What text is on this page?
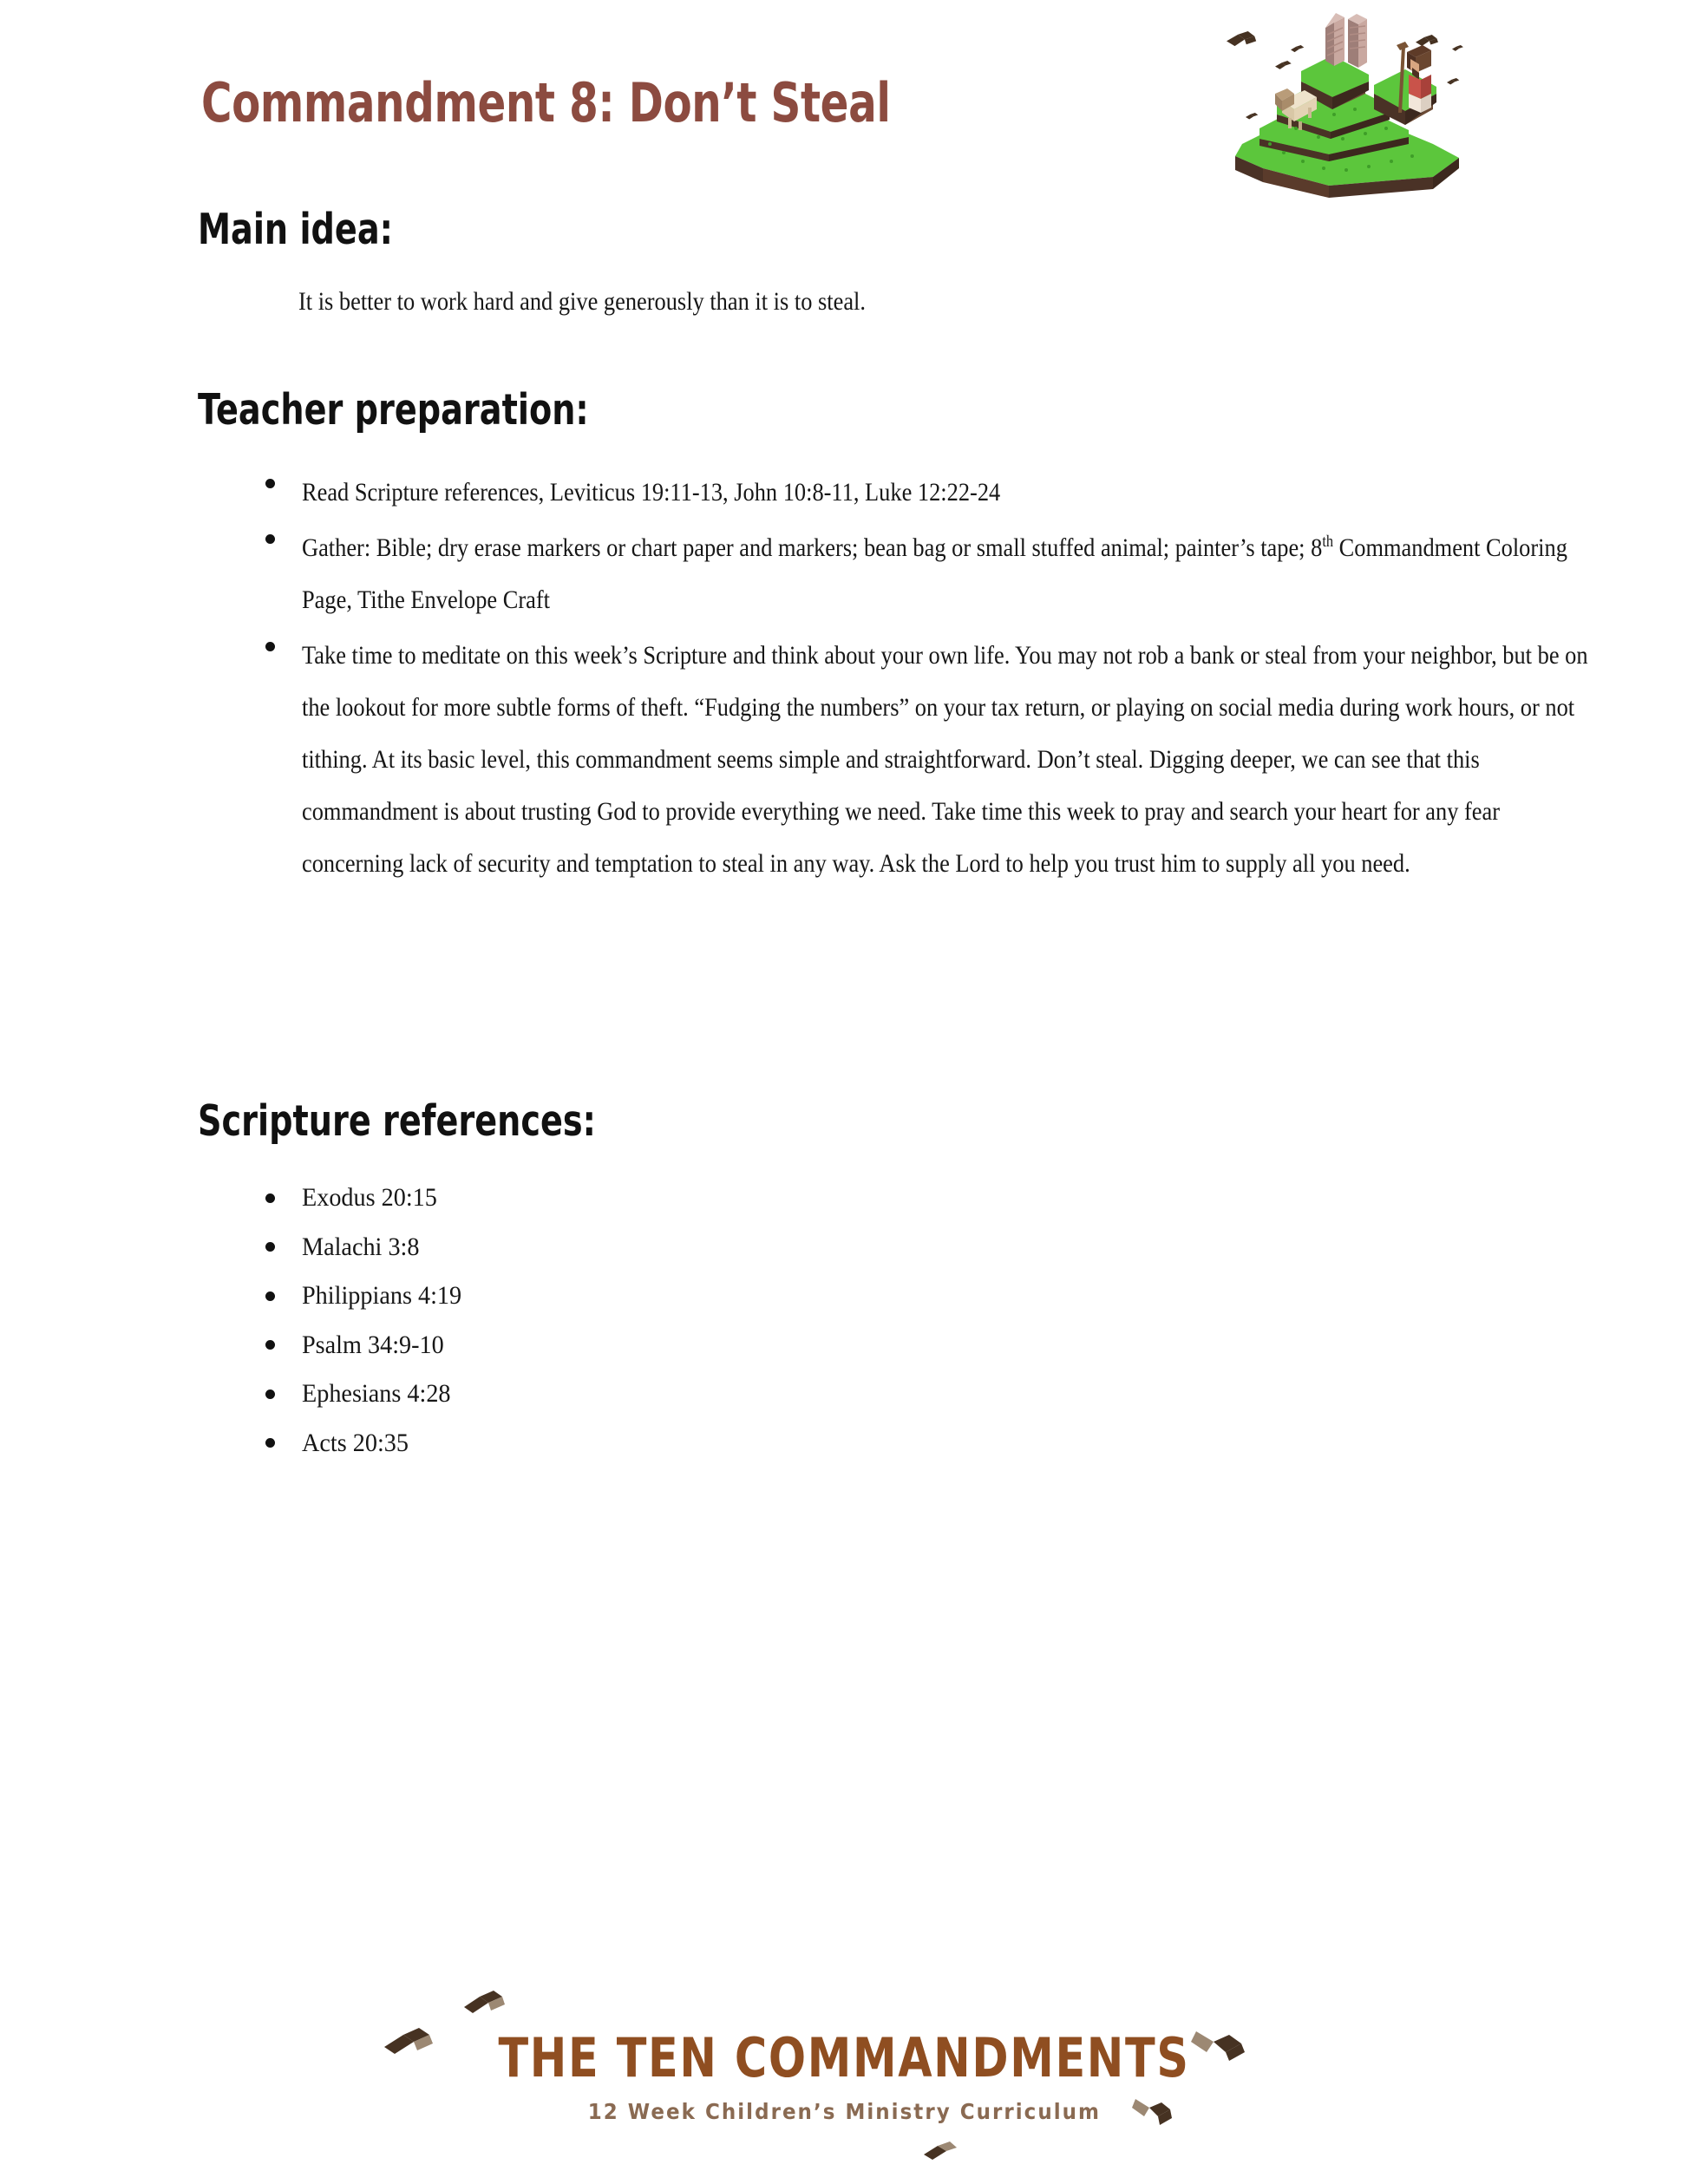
Commandment 8: Don’t Steal
Main idea:
It is better to work hard and give generously than it is to steal.
Teacher preparation:
Read Scripture references, Leviticus 19:11-13, John 10:8-11, Luke 12:22-24
Gather: Bible; dry erase markers or chart paper and markers; bean bag or small stuffed animal; painter’s tape; 8th Commandment Coloring Page, Tithe Envelope Craft
Take time to meditate on this week’s Scripture and think about your own life. You may not rob a bank or steal from your neighbor, but be on the lookout for more subtle forms of theft. “Fudging the numbers” on your tax return, or playing on social media during work hours, or not tithing. At its basic level, this commandment seems simple and straightforward. Don’t steal. Digging deeper, we can see that this commandment is about trusting God to provide everything we need. Take time this week to pray and search your heart for any fear concerning lack of security and temptation to steal in any way. Ask the Lord to help you trust him to supply all you need.
Scripture references:
Exodus 20:15
Malachi 3:8
Philippians 4:19
Psalm 34:9-10
Ephesians 4:28
Acts 20:35
THE TEN COMMANDMENTS
12 Week Children’s Ministry Curriculum
